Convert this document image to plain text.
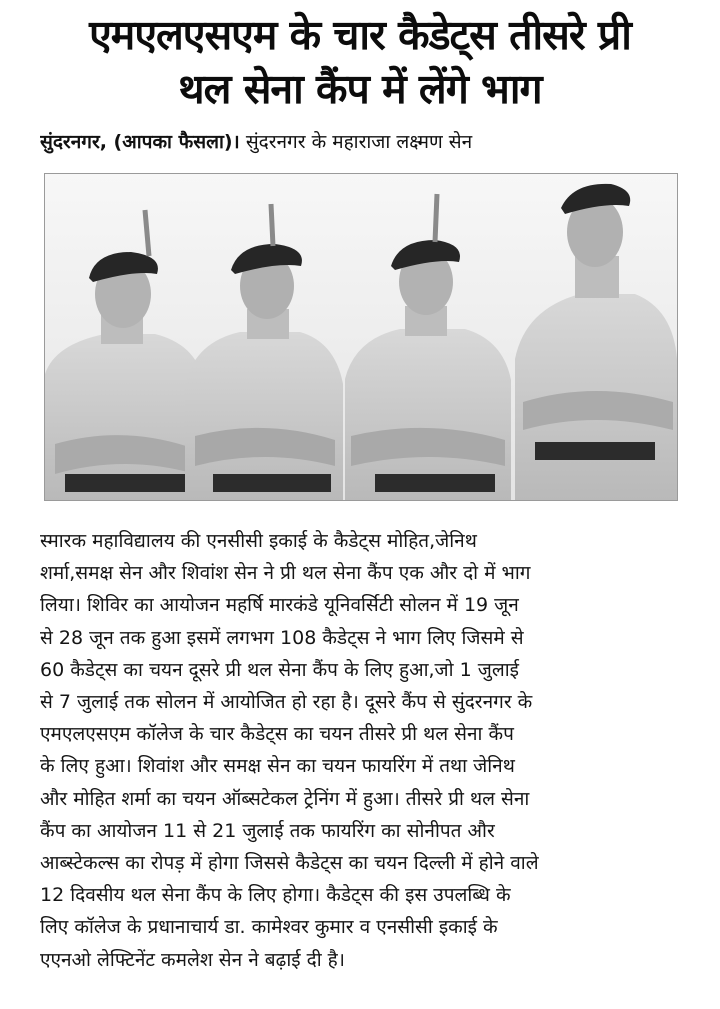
एमएलएसएम के चार कैडेट्स तीसरे प्री
थल सेना कैंप में लेंगे भाग
सुंदरनगर, (आपका फैसला)। सुंदरनगर के महाराजा लक्ष्मण सेन

स्मारक महाविद्यालय की एनसीसी इकाई के कैडेट्स मोहित,जेनिथ

शर्मा,समक्ष सेन और शिवांश सेन ने प्री थल सेना कैंप एक और दो में भाग

लिया। शिविर का आयोजन महर्षि मारकंडे यूनिवर्सिटी सोलन में 19 जून

से 28 जून तक हुआ इसमें लगभग 108 कैडेट्स ने भाग लिए जिसमे से

60 कैडेट्स का चयन दूसरे प्री थल सेना कैंप के लिए हुआ,जो 1 जुलाई

से 7 जुलाई तक सोलन में आयोजित हो रहा है। दूसरे कैंप से सुंदरनगर के

एमएलएसएम कॉलेज के चार कैडेट्स का चयन तीसरे प्री थल सेना कैंप

के लिए हुआ। शिवांश और समक्ष सेन का चयन फायरिंग में तथा जेनिथ

और मोहित शर्मा का चयन ऑब्सटेकल ट्रेनिंग में हुआ। तीसरे प्री थल सेना

कैंप का आयोजन 11 से 21 जुलाई तक फायरिंग का सोनीपत और

आब्स्टेकल्स का रोपड़ में होगा जिससे कैडेट्स का चयन दिल्ली में होने वाले

12 दिवसीय थल सेना कैंप के लिए होगा। कैडेट्स की इस उपलब्धि के

लिए कॉलेज के प्रधानाचार्य डा. कामेश्वर कुमार व एनसीसी इकाई के

एएनओ लेफ्टिनेंट कमलेश सेन ने बढ़ाई दी है।
